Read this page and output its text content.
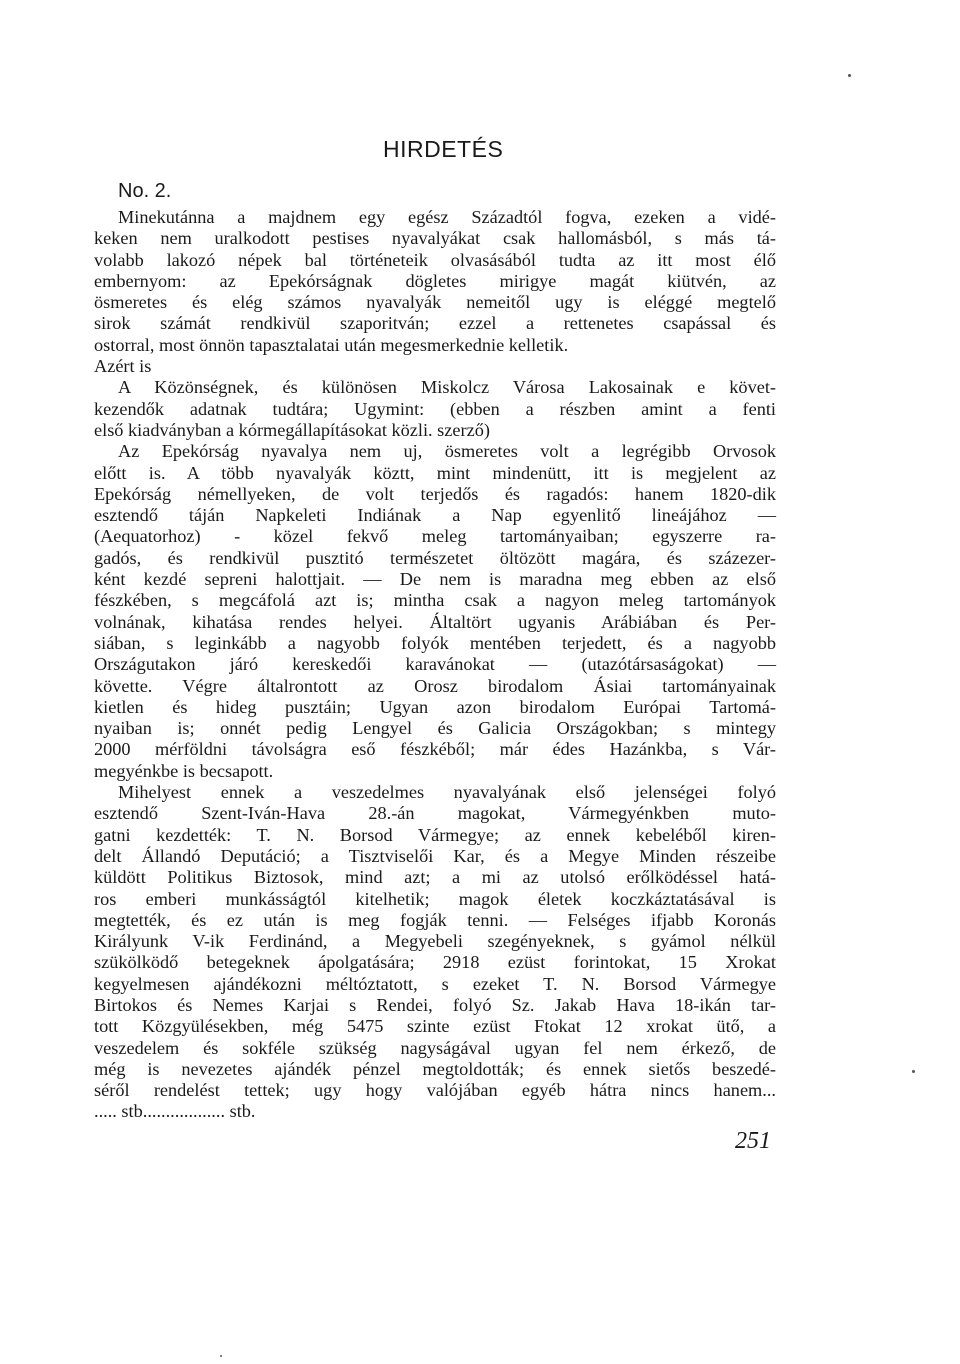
HIRDETÉS
No. 2.
Minekutánna a majdnem egy egész Századtól fogva, ezeken a vidé-
keken nem uralkodott pestises nyavalyákat csak hallomásból, s más tá-
volabb lakozó népek bal történeteik olvasásából tudta az itt most élő
embernyom: az Epekórságnak dögletes mirigye magát kiütvén, az
ösmeretes és elég számos nyavalyák nemeitől ugy is eléggé megtelő
sirok számát rendkivül szaporitván; ezzel a rettenetes csapással és
ostorral, most önnön tapasztalatai után megesmerkednie kelletik.
Azért is
A Közönségnek, és különösen Miskolcz Városa Lakosainak e követ-
kezendők adatnak tudtára; Ugymint: (ebben a részben amint a fenti
első kiadványban a kórmegállapításokat közli. szerző)
Az Epekórság nyavalya nem uj, ösmeretes volt a legrégibb Orvosok
előtt is. A több nyavalyák köztt, mint mindenütt, itt is megjelent az
Epekórság némellyeken, de volt terjedős és ragadós: hanem 1820-dik
esztendő táján Napkeleti Indiának a Nap egyenlitő lineájához —
(Aequatorhoz) - közel fekvő meleg tartományaiban; egyszerre ra-
gadós, és rendkivül pusztitó természetet öltözött magára, és százezer-
ként kezdé sepreni halottjait. — De nem is maradna meg ebben az első
fészkében, s megcáfolá azt is; mintha csak a nagyon meleg tartományok
volnának, kihatása rendes helyei. Általtört ugyanis Arábiában és Per-
siában, s leginkább a nagyobb folyók mentében terjedett, és a nagyobb
Országutakon járó kereskedői karavánokat — (utazótársaságokat) —
követte. Végre általrontott az Orosz birodalom Ásiai tartományainak
kietlen és hideg pusztáin; Ugyan azon birodalom Európai Tartomá-
nyaiban is; onnét pedig Lengyel és Galicia Országokban; s mintegy
2000 mérföldni távolságra eső fészkéből; már édes Hazánkba, s Vár-
megyénkbe is becsapott.
Mihelyest ennek a veszedelmes nyavalyának első jelenségei folyó
esztendő Szent-Iván-Hava 28.-án magokat, Vármegyénkben muto-
gatni kezdették: T. N. Borsod Vármegye; az ennek kebeléből kiren-
delt Állandó Deputáció; a Tisztviselői Kar, és a Megye Minden részeibe
küldött Politikus Biztosok, mind azt; a mi az utolsó erőlködéssel hatá-
ros emberi munkásságtól kitelhetik; magok életek koczkáztatásával is
megtették, és ez után is meg fogják tenni. — Felséges ifjabb Koronás
Királyunk V-ik Ferdinánd, a Megyebeli szegényeknek, s gyámol nélkül
szükölködő betegeknek ápolgatására; 2918 ezüst forintokat, 15 Xrokat
kegyelmesen ajándékozni méltóztatott, s ezeket T. N. Borsod Vármegye
Birtokos és Nemes Karjai s Rendei, folyó Sz. Jakab Hava 18-ikán tar-
tott Közgyülésekben, még 5475 szinte ezüst Ftokat 12 xrokat ütő, a
veszedelem és sokféle szükség nagyságával ugyan fel nem érkező, de
még is nevezetes ajándék pénzel megtoldották; és ennek sietős beszedé-
séről rendelést tettek; ugy hogy valójában egyéb hátra nincs hanem...
..... stb.................. stb.
251
